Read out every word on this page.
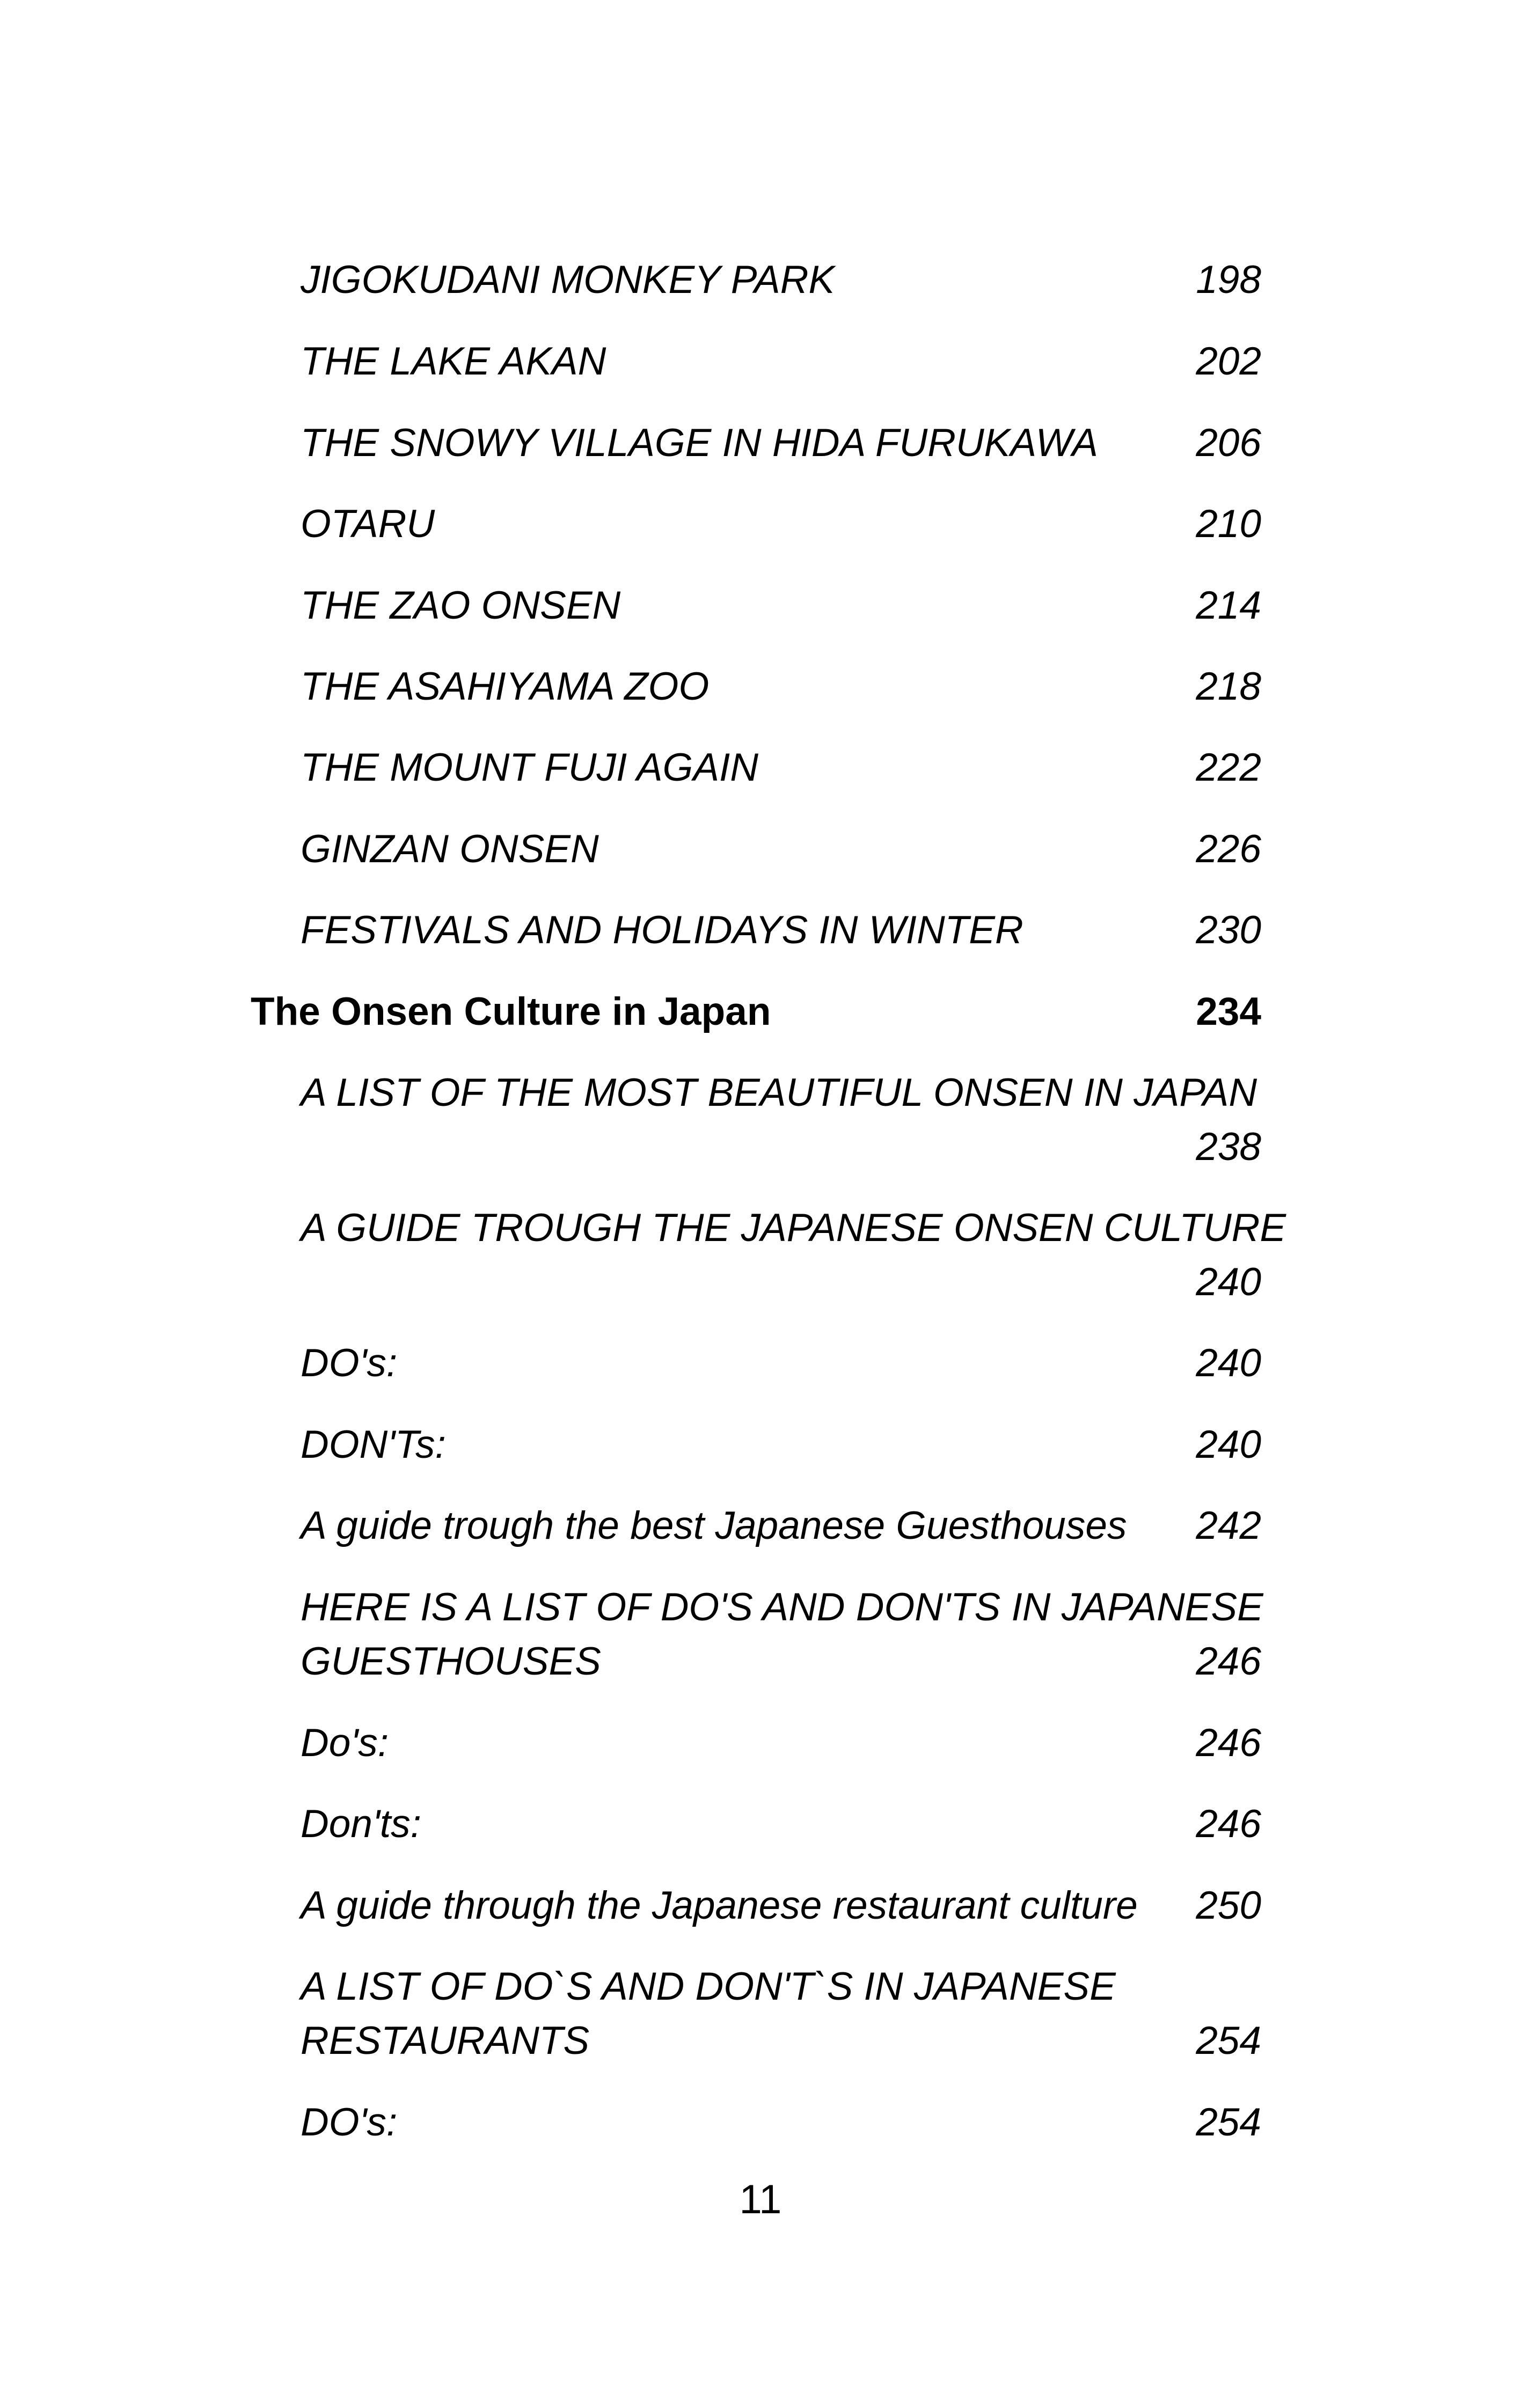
JIGOKUDANI MONKEY PARK	198
THE LAKE AKAN	202
THE SNOWY VILLAGE IN HIDA FURUKAWA	206
OTARU	210
THE ZAO ONSEN	214
THE ASAHIYAMA ZOO	218
THE MOUNT FUJI AGAIN	222
GINZAN ONSEN	226
FESTIVALS AND HOLIDAYS IN WINTER	230
The Onsen Culture in Japan	234
A LIST OF THE MOST BEAUTIFUL ONSEN IN JAPAN
238
A GUIDE TROUGH THE JAPANESE ONSEN CULTURE
240
DO's:	240
DON'Ts:	240
A guide trough the best Japanese Guesthouses	242
HERE IS A LIST OF DO'S AND DON'TS IN JAPANESE
GUESTHOUSES	246
Do's:	246
Don'ts:	246
A guide through the Japanese restaurant culture	250
A LIST OF DO`S AND DON'T`S IN JAPANESE
RESTAURANTS	254
DO's:	254
11
